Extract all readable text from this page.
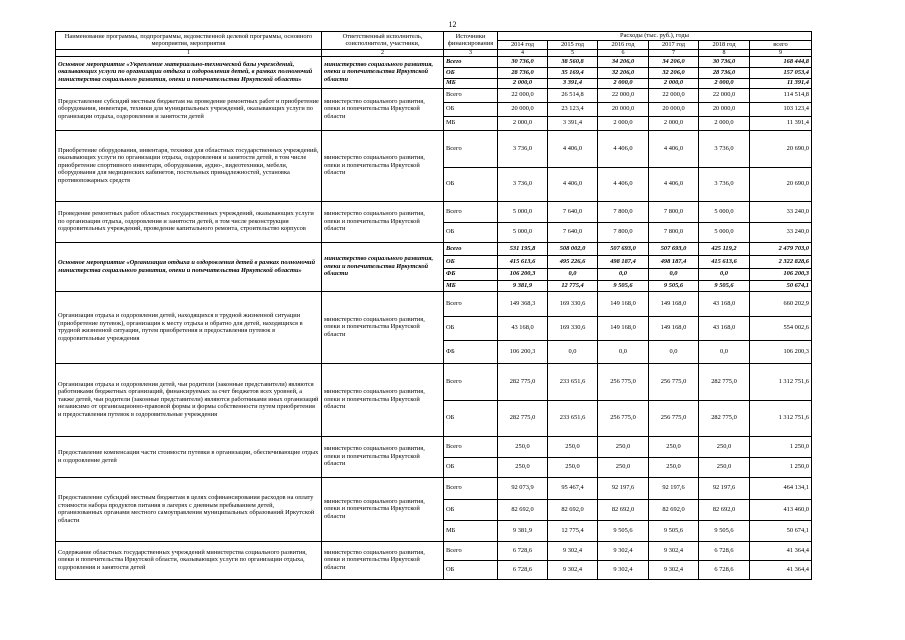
12
Наименование программы, подпрограммы, ведомственной целевой программы, основного мероприятия, мероприятия	Ответственный исполнитель, соисполнители, участники,	Источники финансирования	Расходы (тыс. руб.), годы					
			2014 год	2015 год	2016 год	2017 год	2018 год	всего
1	2	3	4	5	6	7	8	9
Основное мероприятие «Укрепление материально-технической базы учреждений, оказывающих услуги по организации отдыха и оздоровления детей, в рамках полномочий министерства социального развития, опеки и попечительства Иркутской области»	министерство социального развития, опеки и попечительства Иркутской области	Всего	30 736,0	38 560,8	34 206,0	34 206,0	30 736,0	168 444,8
		ОБ	28 736,0	35 169,4	32 206,0	32 206,0	28 736,0	157 053,4
		МБ	2 000,0	3 391,4	2 000,0	2 000,0	2 000,0	11 391,4
Предоставление субсидий местным бюджетам на проведение ремонтных работ и приобретение оборудования, инвентаря, техники для муниципальных учреждений, оказывающих услуги по организации отдыха, оздоровления и занятости детей	министерство социального развития, опеки и попечительства Иркутской области	Всего	22 000,0	26 514,8	22 000,0	22 000,0	22 000,0	114 514,8
		ОБ	20 000,0	23 123,4	20 000,0	20 000,0	20 000,0	103 123,4
		МБ	2 000,0	3 391,4	2 000,0	2 000,0	2 000,0	11 391,4
Приобретение оборудования, инвентаря, техники для областных государственных учреждений, оказывающих услуги по организации отдыха, оздоровления и занятости детей, в том числе приобретение спортивного инвентаря, оборудования, аудио-, видеотехники, мебели, оборудования для медицинских кабинетов, постельных принадлежностей, установка противопожарных средств	министерство социального развития, опеки и попечительства Иркутской области	Всего	3 736,0	4 406,0	4 406,0	4 406,0	3 736,0	20 690,0
		ОБ	3 736,0	4 406,0	4 406,0	4 406,0	3 736,0	20 690,0
Проведение ремонтных работ областных государственных учреждений, оказывающих услуги по организации отдыха, оздоровления и занятости детей, в том числе реконструкция оздоровительных учреждений, проведение капитального ремонта, строительство корпусов	министерство социального развития, опеки и попечительства Иркутской области	Всего	5 000,0	7 640,0	7 800,0	7 800,0	5 000,0	33 240,0
		ОБ	5 000,0	7 640,0	7 800,0	7 800,0	5 000,0	33 240,0
Основное мероприятие «Организация отдыха и оздоровления детей в рамках полномочий министерства социального развития, опеки и попечительства Иркутской области»	министерство социального развития, опеки и попечительства Иркутской области	Всего	531 195,8	508 002,0	507 693,0	507 693,0	425 119,2	2 479 703,0
		ОБ	415 613,6	495 226,6	498 187,4	498 187,4	415 613,6	2 322 828,6
		ФБ	106 200,3	0,0	0,0	0,0	0,0	106 200,3
		МБ	9 381,9	12 775,4	9 505,6	9 505,6	9 505,6	50 674,1
Организация отдыха и оздоровления детей, находящихся в трудной жизненной ситуации (приобретение путевок), организация к месту отдыха и обратно для детей, находящихся в трудной жизненной ситуации, путем приобретения и предоставления путевок в оздоровительные учреждения	министерство социального развития, опеки и попечительства Иркутской области	Всего	149 368,3	169 330,6	149 168,0	149 168,0	43 168,0	660 202,9
		ОБ	43 168,0	169 330,6	149 168,0	149 168,0	43 168,0	554 002,6
		ФБ	106 200,3	0,0	0,0	0,0	0,0	106 200,3
Организация отдыха и оздоровления детей, чьи родители (законные представители) являются работниками бюджетных организаций, финансируемых за счет бюджетов всех уровней, а также детей, чьи родители (законные представители) являются работниками иных организаций независимо от организационно-правовой формы и формы собственности путем приобретения и предоставления путевок в оздоровительные учреждения	министерство социального развития, опеки и попечительства Иркутской области	Всего	282 775,0	233 651,6	256 775,0	256 775,0	282 775,0	1 312 751,6
		ОБ	282 775,0	233 651,6	256 775,0	256 775,0	282 775,0	1 312 751,6
Предоставление компенсации части стоимости путевки в организации, обеспечивающие отдых и оздоровление детей	министерство социального развития, опеки и попечительства Иркутской области	Всего	250,0	250,0	250,0	250,0	250,0	1 250,0
		ОБ	250,0	250,0	250,0	250,0	250,0	1 250,0
Предоставление субсидий местным бюджетам в целях софинансирования расходов на оплату стоимости набора продуктов питания в лагерях с дневным пребыванием детей, организованных органами местного самоуправления муниципальных образований Иркутской области	министерство социального развития, опеки и попечительства Иркутской области	Всего	92 073,9	95 467,4	92 197,6	92 197,6	92 197,6	464 134,1
		ОБ	82 692,0	82 692,0	82 692,0	82 692,0	82 692,0	413 460,0
		МБ	9 381,9	12 775,4	9 505,6	9 505,6	9 505,6	50 674,1
Содержание областных государственных учреждений министерства социального развития, опеки и попечительства Иркутской области, оказывающих услуги по организации отдыха, оздоровления и занятости детей	министерство социального развития, опеки и попечительства Иркутской области	Всего	6 728,6	9 302,4	9 302,4	9 302,4	6 728,6	41 364,4
		ОБ	6 728,6	9 302,4	9 302,4	9 302,4	6 728,6	41 364,4
